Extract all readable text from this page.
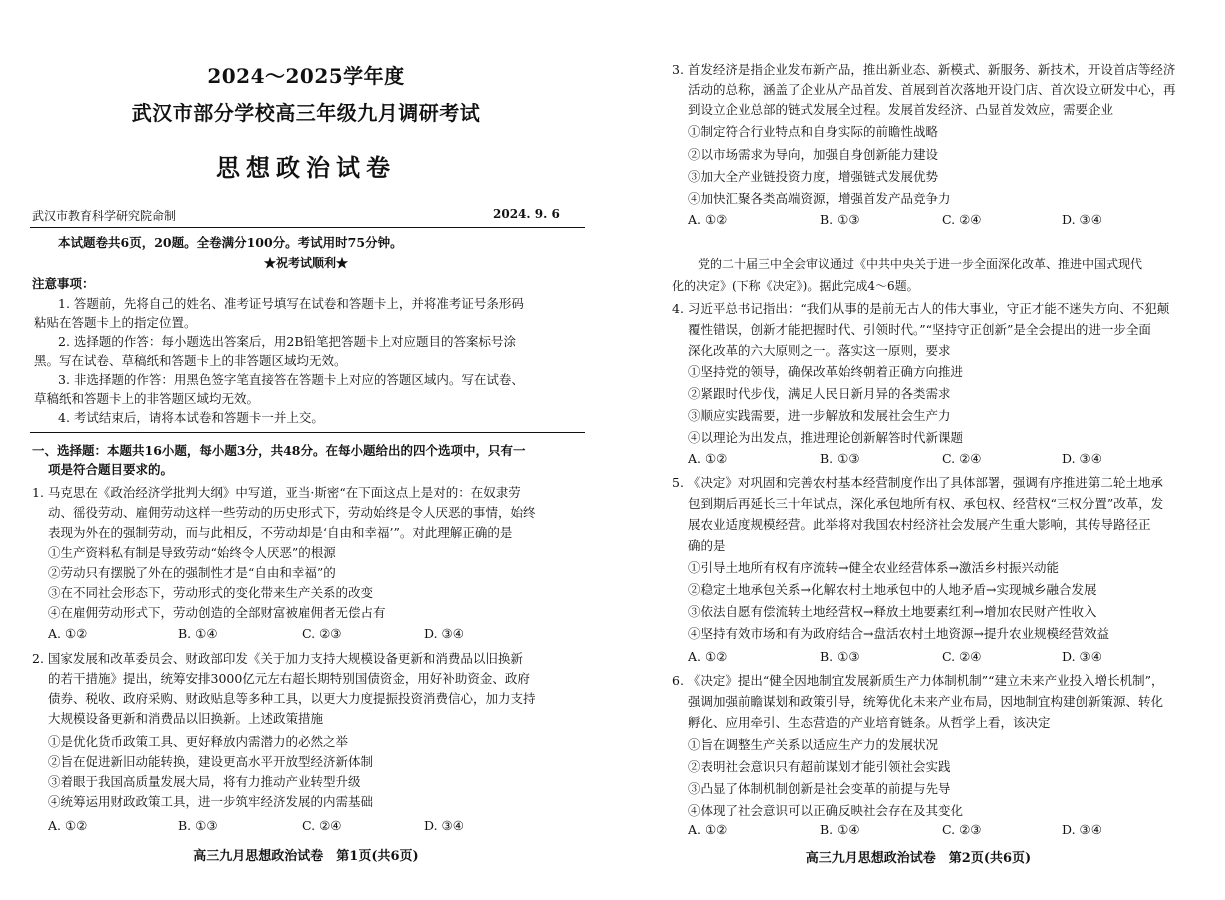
2024～2025学年度
武汉市部分学校高三年级九月调研考试
思想政治试卷
武汉市教育科学研究院命制	2024. 9. 6
本试题卷共6页，20题。全卷满分100分。考试用时75分钟。
★祝考试顺利★
注意事项：
1. 答题前，先将自己的姓名、准考证号填写在试卷和答题卡上，并将准考证号条形码
粘贴在答题卡上的指定位置。
2. 选择题的作答：每小题选出答案后，用2B铅笔把答题卡上对应题目的答案标号涂
黑。写在试卷、草稿纸和答题卡上的非答题区域均无效。
3. 非选择题的作答：用黑色签字笔直接答在答题卡上对应的答题区域内。写在试卷、
草稿纸和答题卡上的非答题区域均无效。
4. 考试结束后，请将本试卷和答题卡一并上交。
一、选择题：本题共16小题，每小题3分，共48分。在每小题给出的四个选项中，只有一
项是符合题目要求的。
1. 马克思在《政治经济学批判大纲》中写道，亚当·斯密“在下面这点上是对的：在奴隶劳
动、徭役劳动、雇佣劳动这样一些劳动的历史形式下，劳动始终是令人厌恶的事情，始终
表现为外在的强制劳动，而与此相反，不劳动却是‘自由和幸福’”。对此理解正确的是
①生产资料私有制是导致劳动“始终令人厌恶”的根源
②劳动只有摆脱了外在的强制性才是“自由和幸福”的
③在不同社会形态下，劳动形式的变化带来生产关系的改变
④在雇佣劳动形式下，劳动创造的全部财富被雇佣者无偿占有
A. ①②	B. ①④	C. ②③	D. ③④
2. 国家发展和改革委员会、财政部印发《关于加力支持大规模设备更新和消费品以旧换新
的若干措施》提出，统筹安排3000亿元左右超长期特别国债资金，用好补助资金、政府
债券、税收、政府采购、财政贴息等多种工具，以更大力度提振投资消费信心，加力支持
大规模设备更新和消费品以旧换新。上述政策措施
①是优化货币政策工具、更好释放内需潜力的必然之举
②旨在促进新旧动能转换，建设更高水平开放型经济新体制
③着眼于我国高质量发展大局，将有力推动产业转型升级
④统筹运用财政政策工具，进一步筑牢经济发展的内需基础
A. ①②	B. ①③	C. ②④	D. ③④
高三九月思想政治试卷　第1页(共6页)
3. 首发经济是指企业发布新产品，推出新业态、新模式、新服务、新技术，开设首店等经济
活动的总称，涵盖了企业从产品首发、首展到首次落地开设门店、首次设立研发中心，再
到设立企业总部的链式发展全过程。发展首发经济、凸显首发效应，需要企业
①制定符合行业特点和自身实际的前瞻性战略
②以市场需求为导向，加强自身创新能力建设
③加大全产业链投资力度，增强链式发展优势
④加快汇聚各类高端资源，增强首发产品竞争力
A. ①②	B. ①③	C. ②④	D. ③④
党的二十届三中全会审议通过《中共中央关于进一步全面深化改革、推进中国式现代
化的决定》(下称《决定》)。据此完成4～6题。
4. 习近平总书记指出：“我们从事的是前无古人的伟大事业，守正才能不迷失方向、不犯颠
覆性错误，创新才能把握时代、引领时代。”“坚持守正创新”是全会提出的进一步全面
深化改革的六大原则之一。落实这一原则，要求
①坚持党的领导，确保改革始终朝着正确方向推进
②紧跟时代步伐，满足人民日新月异的各类需求
③顺应实践需要，进一步解放和发展社会生产力
④以理论为出发点，推进理论创新解答时代新课题
A. ①②	B. ①③	C. ②④	D. ③④
5. 《决定》对巩固和完善农村基本经营制度作出了具体部署，强调有序推进第二轮土地承
包到期后再延长三十年试点，深化承包地所有权、承包权、经营权“三权分置”改革，发
展农业适度规模经营。此举将对我国农村经济社会发展产生重大影响，其传导路径正
确的是
①引导土地所有权有序流转→健全农业经营体系→激活乡村振兴动能
②稳定土地承包关系→化解农村土地承包中的人地矛盾→实现城乡融合发展
③依法自愿有偿流转土地经营权→释放土地要素红利→增加农民财产性收入
④坚持有效市场和有为政府结合→盘活农村土地资源→提升农业规模经营效益
A. ①②	B. ①③	C. ②④	D. ③④
6. 《决定》提出“健全因地制宜发展新质生产力体制机制”“建立未来产业投入增长机制”，
强调加强前瞻谋划和政策引导，统筹优化未来产业布局，因地制宜构建创新策源、转化
孵化、应用牵引、生态营造的产业培育链条。从哲学上看，该决定
①旨在调整生产关系以适应生产力的发展状况
②表明社会意识只有超前谋划才能引领社会实践
③凸显了体制机制创新是社会变革的前提与先导
④体现了社会意识可以正确反映社会存在及其变化
A. ①②	B. ①④	C. ②③	D. ③④
高三九月思想政治试卷　第2页(共6页)
